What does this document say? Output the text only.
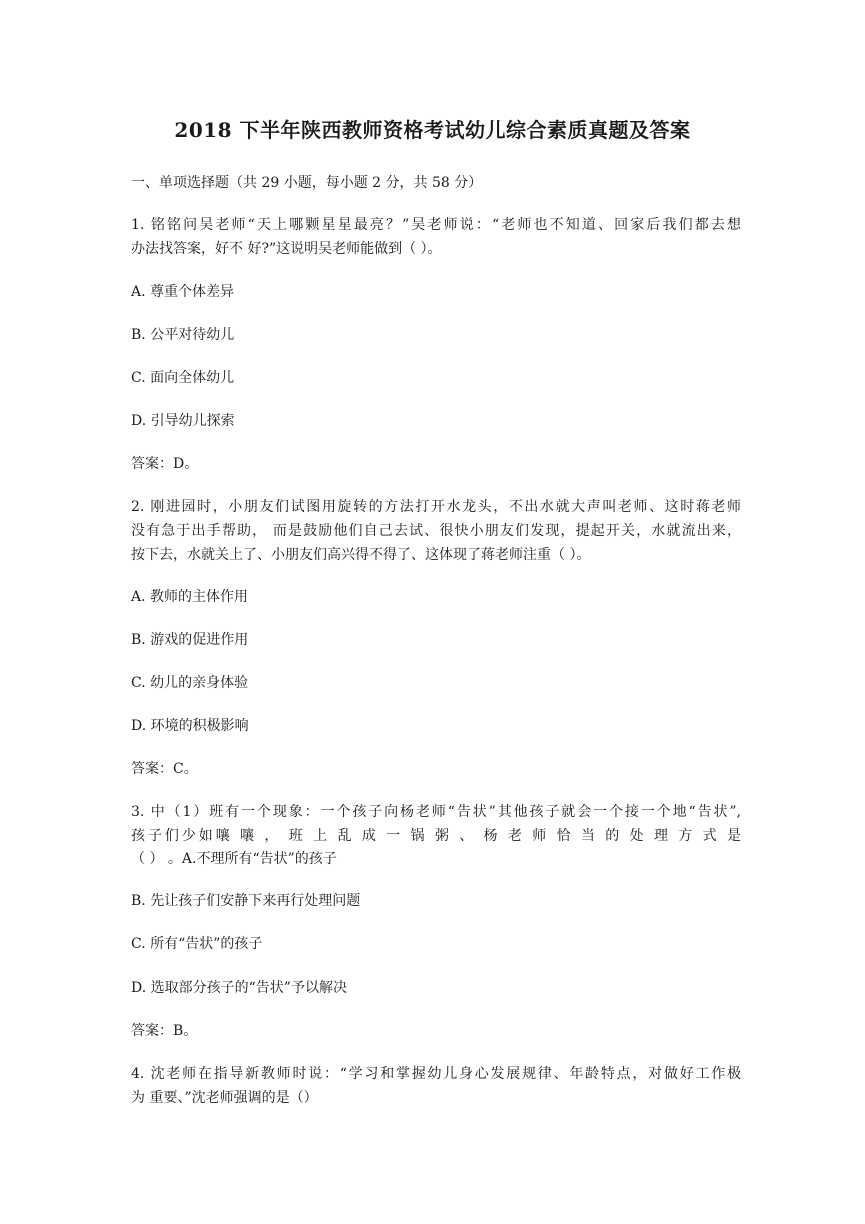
2018 下半年陕西教师资格考试幼儿综合素质真题及答案
一、单项选择题（共 29 小题，每小题 2 分，共 58 分）
1. 铭铭问吴老师“天上哪颗星星最亮？”吴老师说：“老师也不知道、回家后我们都去想
办法找答案，好不 好?”这说明吴老师能做到（ ）。
A. 尊重个体差异
B. 公平对待幼儿
C. 面向全体幼儿
D. 引导幼儿探索
答案：D。
2. 刚进园时，小朋友们试图用旋转的方法打开水龙头，不出水就大声叫老师、这时蒋老师
没有急于出手帮助， 而是鼓励他们自己去试、很快小朋友们发现，提起开关，水就流出来，
按下去，水就关上了、小朋友们高兴得不得了、这体现了蒋老师注重（ ）。
A. 教师的主体作用
B. 游戏的促进作用
C. 幼儿的亲身体验
D. 环境的积极影响
答案：C。
3. 中（1）班有一个现象：一个孩子向杨老师“告状”其他孩子就会一个接一个地“告状”,
孩子们少如嚷 嚷 ， 班 上 乱 成 一 锅 粥 、 杨 老 师 恰 当 的 处 理 方 式 是
（ ） 。A.不理所有“告状”的孩子
B. 先让孩子们安静下来再行处理问题
C. 所有“告状”的孩子
D. 选取部分孩子的“告状”予以解决
答案：B。
4. 沈老师在指导新教师时说：“学习和掌握幼儿身心发展规律、年龄特点，对做好工作极
为 重要、”沈老师强调的是（）
